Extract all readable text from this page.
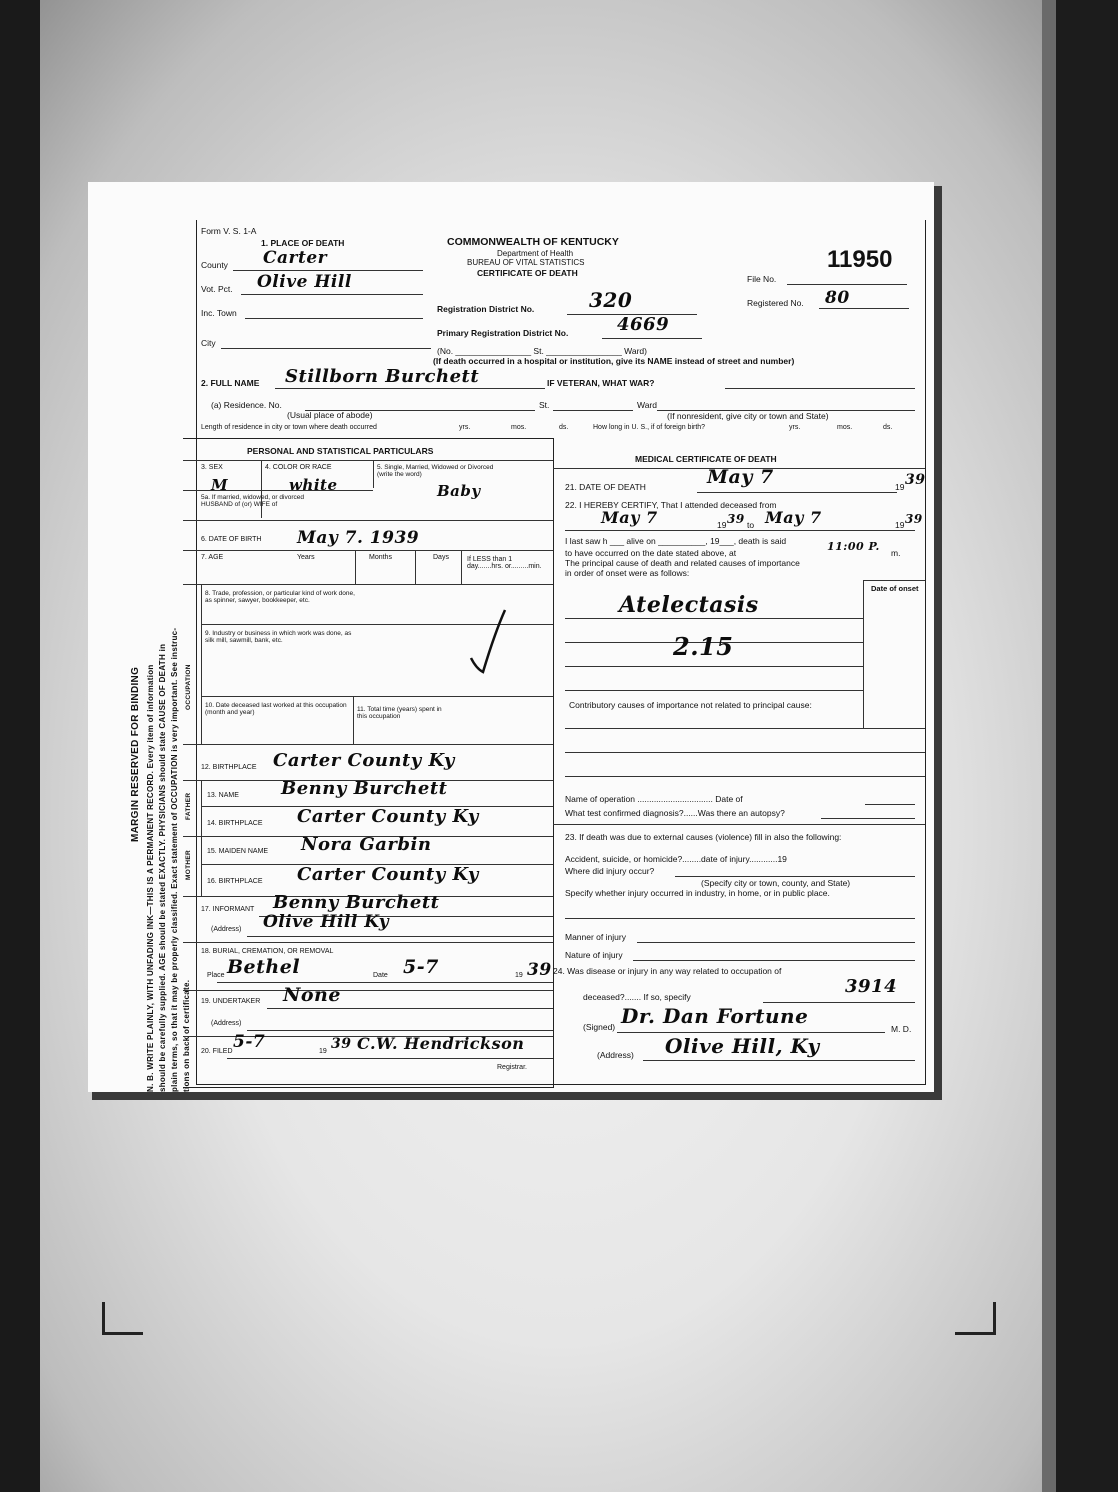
MARGIN RESERVED FOR BINDING N. B. WRITE PLAINLY, WITH UNFADING INK—THIS IS A PERMANENT RECORD. Every item of information should be carefully supplied. AGE should be stated EXACTLY. PHYSICIANS should state CAUSE OF DEATH in plain terms, so that it may be properly classified. Exact statement of OCCUPATION is very important. See instruc- tions on back of certificate.
Form V. S. 1-A
COMMONWEALTH OF KENTUCKY
Department of Health
BUREAU OF VITAL STATISTICS
CERTIFICATE OF DEATH
File No.
11950
Registered No. 80
1. PLACE OF DEATH
County Carter
Vot. Pct. Olive Hill
Inc. Town	Registration District No.	320
Primary Registration District No.	4669
City
(No. ________________ St. ________________ Ward)
(If death occurred in a hospital or institution, give its NAME instead of street and number)
2. FULL NAME Stillborn Burchett	IF VETERAN, WHAT WAR?
(a) Residence. No.	St.	Ward
(Usual place of abode)	(If nonresident, give city or town and State)
Length of residence in city or town where death occurred	yrs.	mos.	ds.	How long in U. S., if of foreign birth?	yrs.	mos.	ds.
PERSONAL AND STATISTICAL PARTICULARS
3. SEX
M
4. COLOR OR RACE
white
5. Single, Married, Widowed or Divorced (write the word)
Baby
5a. If married, widowed, or divorced HUSBAND of (or) WIFE of
6. DATE OF BIRTH May 7. 1939
7. AGE	Years	Months	Days	If LESS than 1 day.......hrs. or.........min.
OCCUPATION
8. Trade, profession, or particular kind of work done, as spinner, sawyer, bookkeeper, etc.
9. Industry or business in which work was done, as silk mill, sawmill, bank, etc.
10. Date deceased last worked at this occupation (month and year)	11. Total time (years) spent in this occupation
12. BIRTHPLACE Carter County Ky
FATHER 13. NAME Benny Burchett
14. BIRTHPLACE Carter County Ky
MOTHER 15. MAIDEN NAME Nora Garbin
16. BIRTHPLACE Carter County Ky
17. INFORMANT Benny Burchett
(Address) Olive Hill Ky
18. BURIAL, CREMATION, OR REMOVAL
Place Bethel	Date 5-7	19 39
19. UNDERTAKER None
(Address)
20. FILED 5-7	19 39 C.W. Hendrickson
Registrar.
MEDICAL CERTIFICATE OF DEATH
21. DATE OF DEATH	May 7	19 39
22. I HEREBY CERTIFY, That I attended deceased from
May 7	19 39 to May 7	19 39
I last saw h ___ alive on __________, 19___, death is said
to have occurred on the date stated above, at	11:00 P. m.
The principal cause of death and related causes of importance
in order of onset were as follows:
Date of onset
Atelectasis
2.15
Contributory causes of importance not related to principal cause:
Name of operation ................................ Date of
What test confirmed diagnosis?......Was there an autopsy?
23. If death was due to external causes (violence) fill in also the following:
Accident, suicide, or homicide?........date of injury............19
Where did injury occur?
(Specify city or town, county, and State)
Specify whether injury occurred in industry, in home, or in public place.
Manner of injury
Nature of injury
24. Was disease or injury in any way related to occupation of
deceased?....... If so, specify	3914
(Signed) Dr. Dan Fortune
M. D.
(Address) Olive Hill, Ky
